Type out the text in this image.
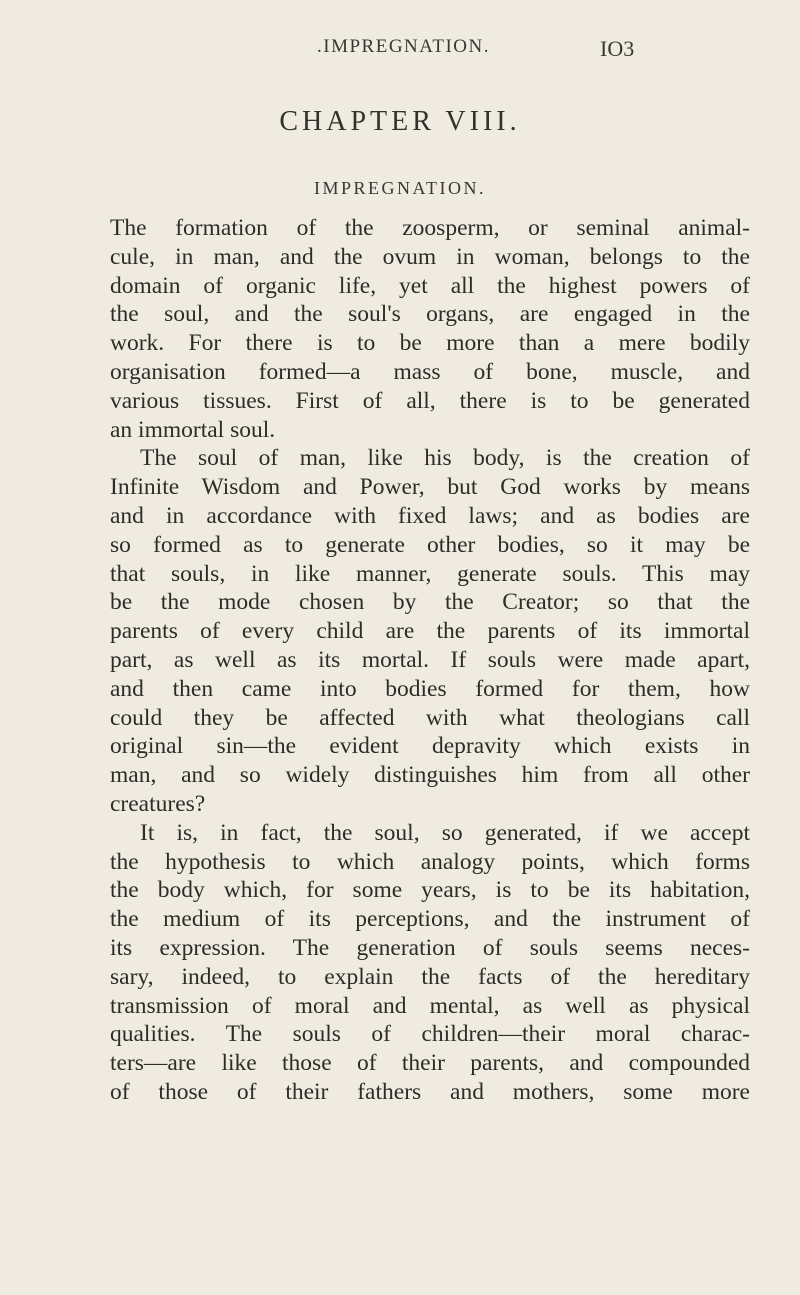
.IMPREGNATION.	IO3
CHAPTER VIII.
IMPREGNATION.
The formation of the zoosperm, or seminal animal-
cule, in man, and the ovum in woman, belongs to the
domain of organic life, yet all the highest powers of
the soul, and the soul's organs, are engaged in the
work. For there is to be more than a mere bodily
organisation formed—a mass of bone, muscle, and
various tissues. First of all, there is to be generated
an immortal soul.
The soul of man, like his body, is the creation of
Infinite Wisdom and Power, but God works by means
and in accordance with fixed laws; and as bodies are
so formed as to generate other bodies, so it may be
that souls, in like manner, generate souls. This may
be the mode chosen by the Creator; so that the
parents of every child are the parents of its immortal
part, as well as its mortal. If souls were made apart,
and then came into bodies formed for them, how
could they be affected with what theologians call
original sin—the evident depravity which exists in
man, and so widely distinguishes him from all other
creatures?
It is, in fact, the soul, so generated, if we accept
the hypothesis to which analogy points, which forms
the body which, for some years, is to be its habitation,
the medium of its perceptions, and the instrument of
its expression. The generation of souls seems neces-
sary, indeed, to explain the facts of the hereditary
transmission of moral and mental, as well as physical
qualities. The souls of children—their moral charac-
ters—are like those of their parents, and compounded
of those of their fathers and mothers, some more
